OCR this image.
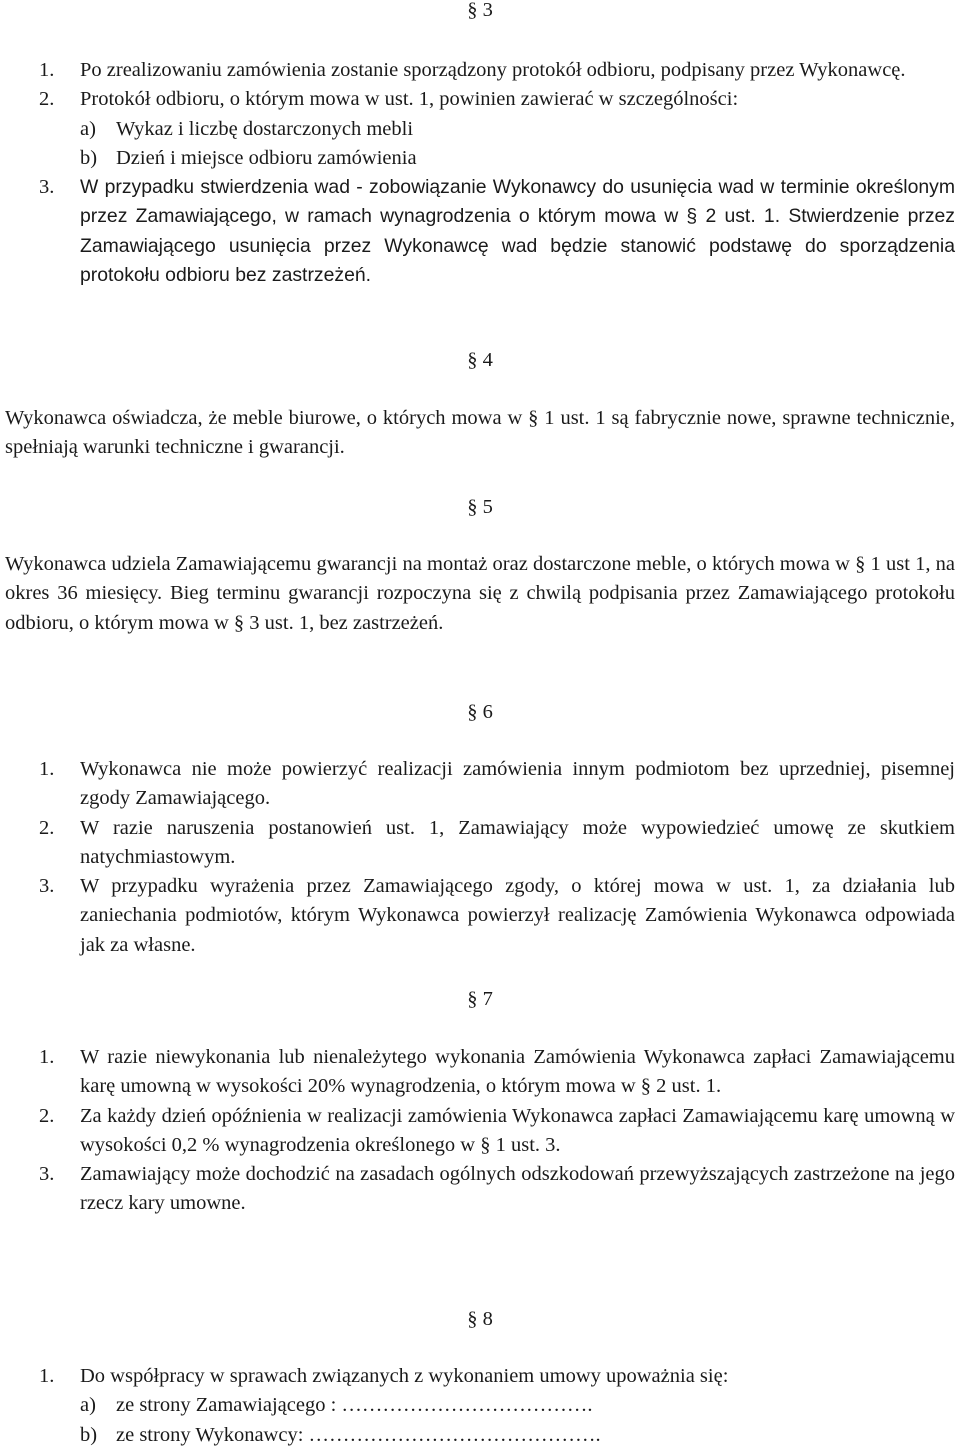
§ 3
1. Po zrealizowaniu zamówienia zostanie sporządzony protokół odbioru, podpisany przez Wykonawcę.
2. Protokół odbioru, o którym mowa w ust. 1, powinien zawierać w szczególności:
a) Wykaz i liczbę dostarczonych mebli
b) Dzień i miejsce odbioru zamówienia
3. W przypadku stwierdzenia wad - zobowiązanie Wykonawcy do usunięcia wad w terminie określonym przez Zamawiającego, w ramach wynagrodzenia o którym mowa w § 2 ust. 1. Stwierdzenie przez Zamawiającego usunięcia przez Wykonawcę wad będzie stanowić podstawę do sporządzenia protokołu odbioru bez zastrzeżeń.
§ 4
Wykonawca oświadcza, że meble biurowe, o których mowa w § 1 ust. 1 są fabrycznie nowe, sprawne technicznie, spełniają warunki techniczne i gwarancji.
§ 5
Wykonawca udziela Zamawiającemu gwarancji na montaż oraz dostarczone meble, o których mowa w § 1 ust 1, na okres 36 miesięcy. Bieg terminu gwarancji rozpoczyna się z chwilą podpisania przez Zamawiającego protokołu odbioru, o którym mowa w § 3 ust. 1, bez zastrzeżeń.
§ 6
1. Wykonawca nie może powierzyć realizacji zamówienia innym podmiotom bez uprzedniej, pisemnej zgody Zamawiającego.
2. W razie naruszenia postanowień ust. 1, Zamawiający może wypowiedzieć umowę ze skutkiem natychmiastowym.
3. W przypadku wyrażenia przez Zamawiającego zgody, o której mowa w ust. 1, za działania lub zaniechania podmiotów, którym Wykonawca powierzył realizację Zamówienia Wykonawca odpowiada jak za własne.
§ 7
1. W razie niewykonania lub nienależytego wykonania Zamówienia Wykonawca zapłaci Zamawiającemu karę umowną w wysokości 20% wynagrodzenia, o którym mowa w § 2 ust. 1.
2. Za każdy dzień opóźnienia w realizacji zamówienia Wykonawca zapłaci Zamawiającemu karę umowną w wysokości 0,2 % wynagrodzenia określonego w § 1 ust. 3.
3. Zamawiający może dochodzić na zasadach ogólnych odszkodowań przewyższających zastrzeżone na jego rzecz kary umowne.
§ 8
1. Do współpracy w sprawach związanych z wykonaniem umowy upoważnia się:
a) ze strony Zamawiającego : ……………………………….
b) ze strony Wykonawcy: …………………………………….
